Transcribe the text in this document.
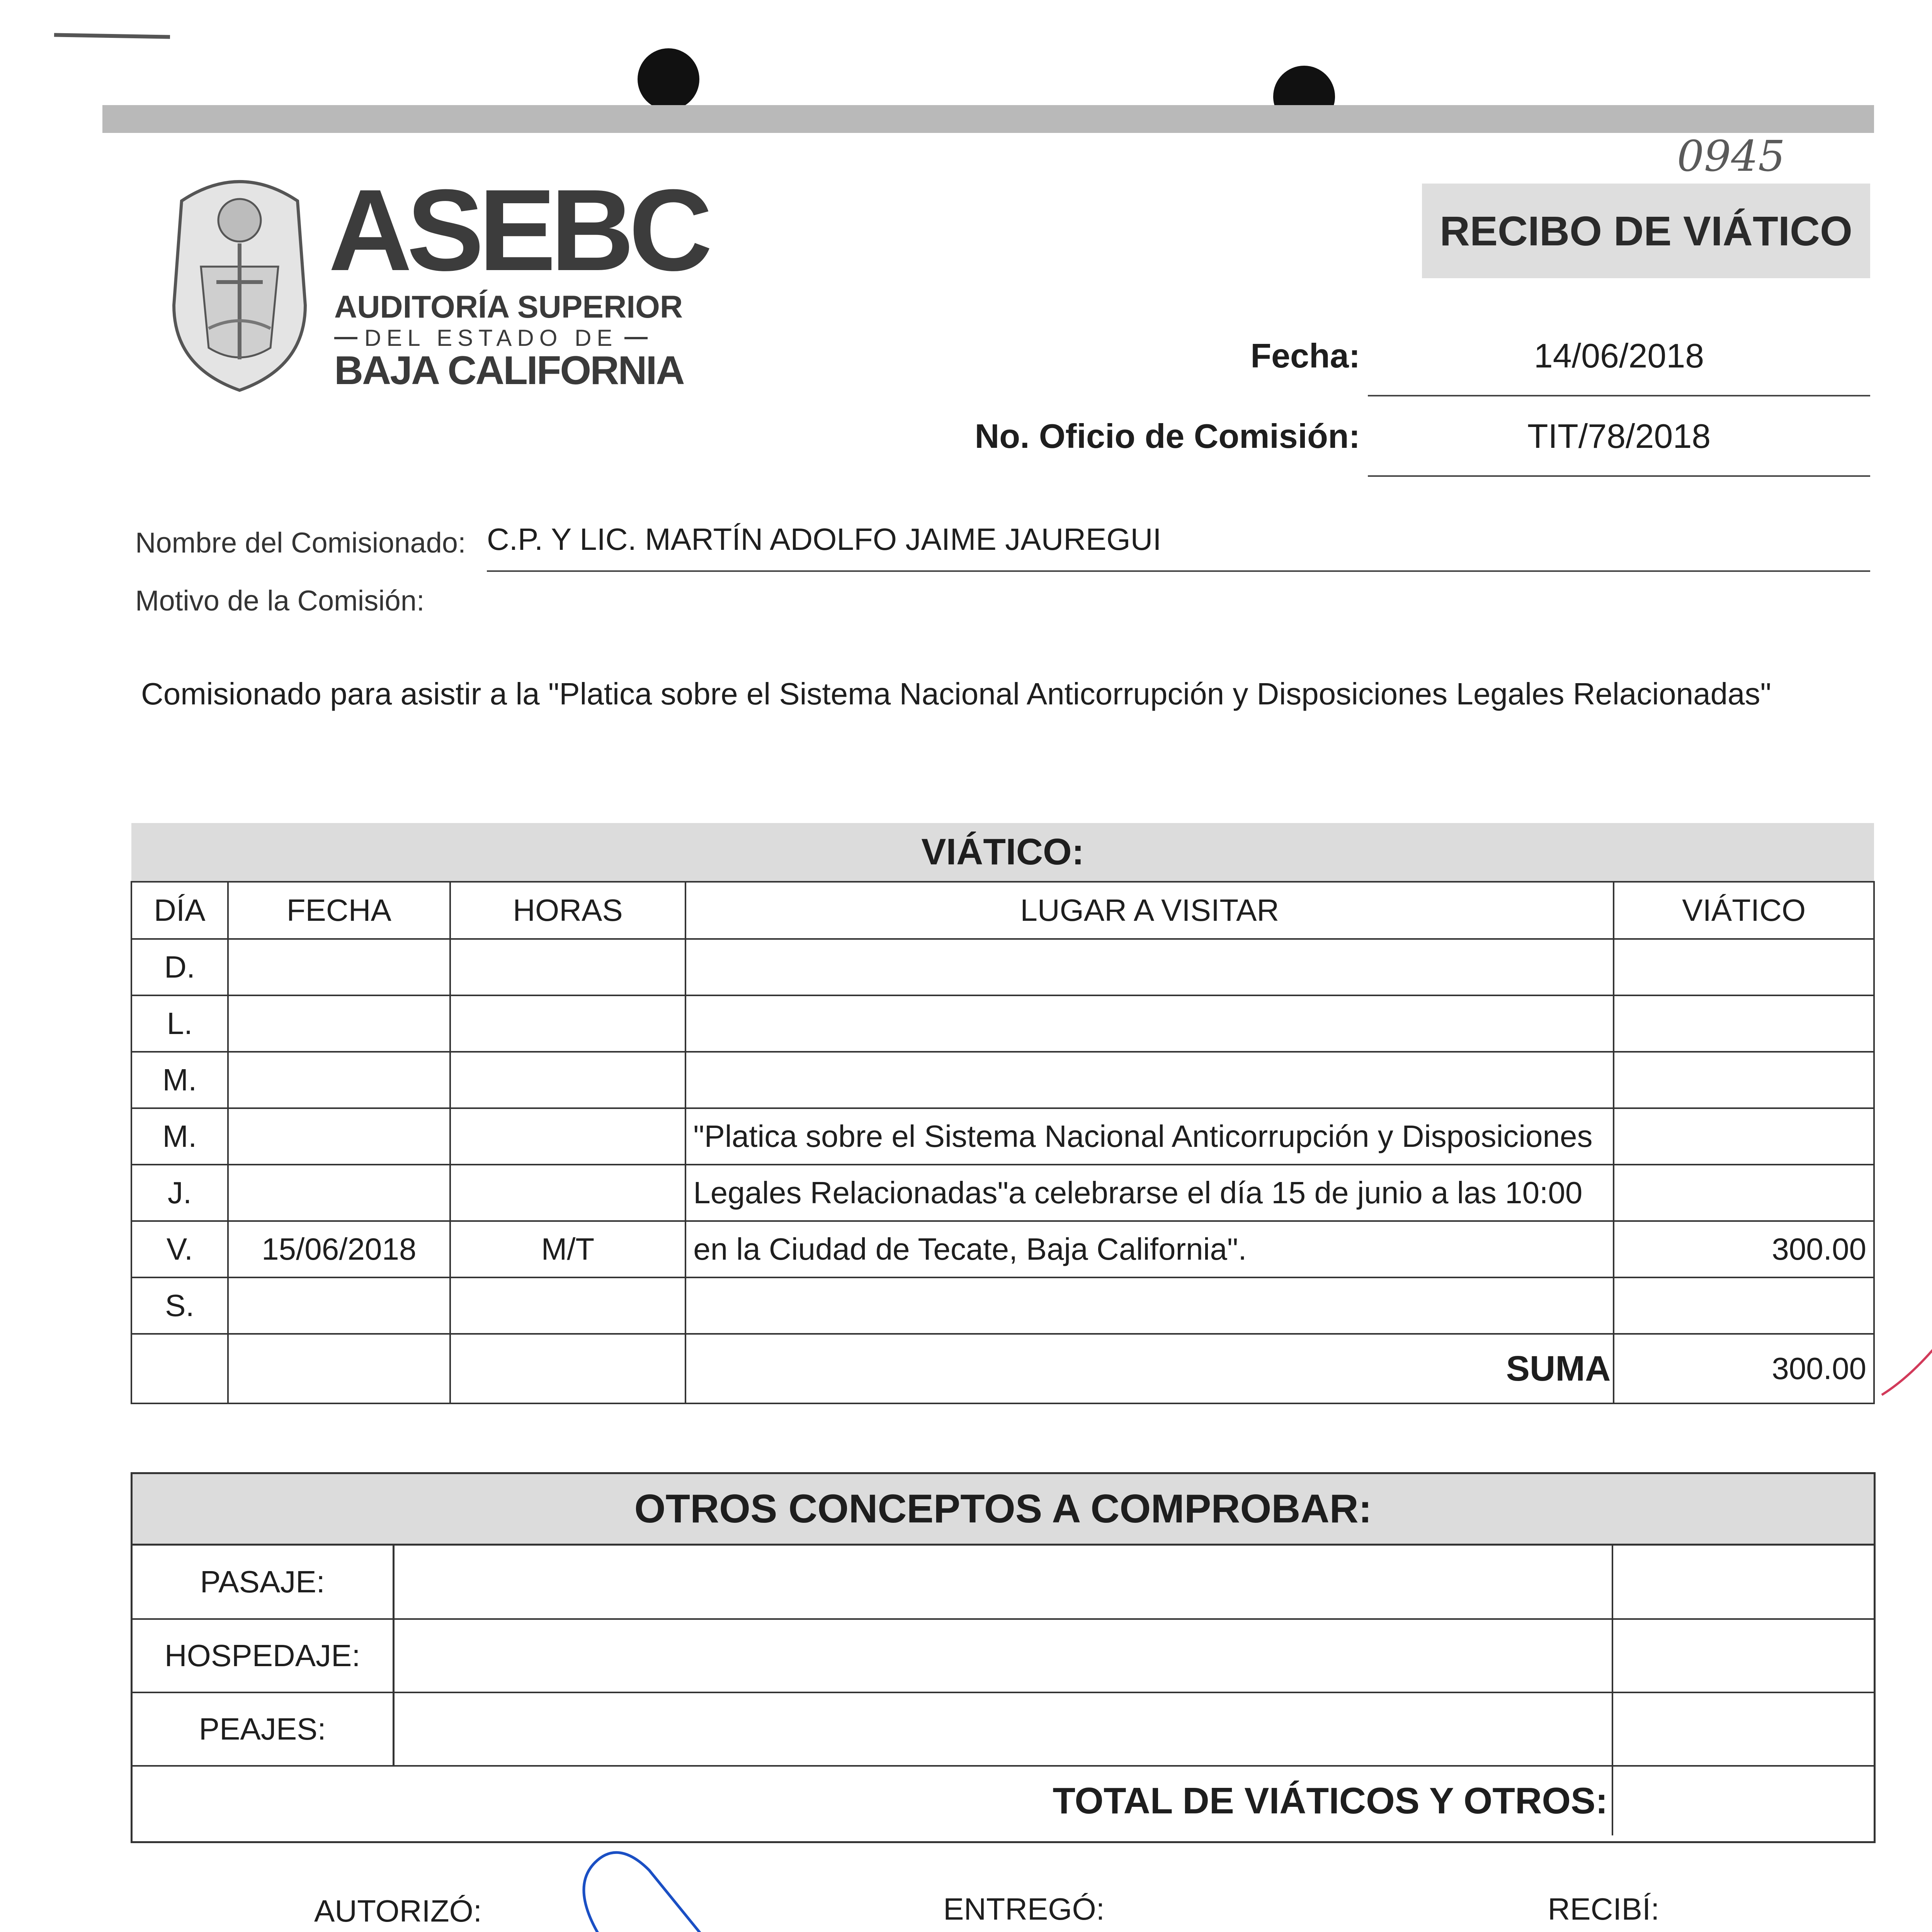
0945
ASEBC
AUDITORÍA SUPERIOR
DEL ESTADO DE
BAJA CALIFORNIA
RECIBO DE VIÁTICO
Fecha:	14/06/2018
No. Oficio de Comisión:	TIT/78/2018
Nombre del Comisionado: C.P. Y LIC. MARTÍN ADOLFO JAIME JAUREGUI
Motivo de la Comisión:
Comisionado para asistir a la "Platica sobre el Sistema Nacional Anticorrupción y Disposiciones Legales Relacionadas"
VIÁTICO:
DÍA	FECHA	HORAS	LUGAR A VISITAR	VIÁTICO
D.				
L.				
M.				
M.			"Platica sobre el Sistema Nacional Anticorrupción y Disposiciones	
J.			Legales Relacionadas"a celebrarse el día 15 de junio a las 10:00	
V.	15/06/2018	M/T	en la Ciudad de Tecate, Baja California".	300.00
S.				
			SUMA	300.00
OTROS CONCEPTOS A COMPROBAR:
PASAJE:		
HOSPEDAJE:		
PEAJES:		
TOTAL DE VIÁTICOS Y OTROS:		
AUTORIZÓ:	ENTREGÓ:	RECIBÍ:
